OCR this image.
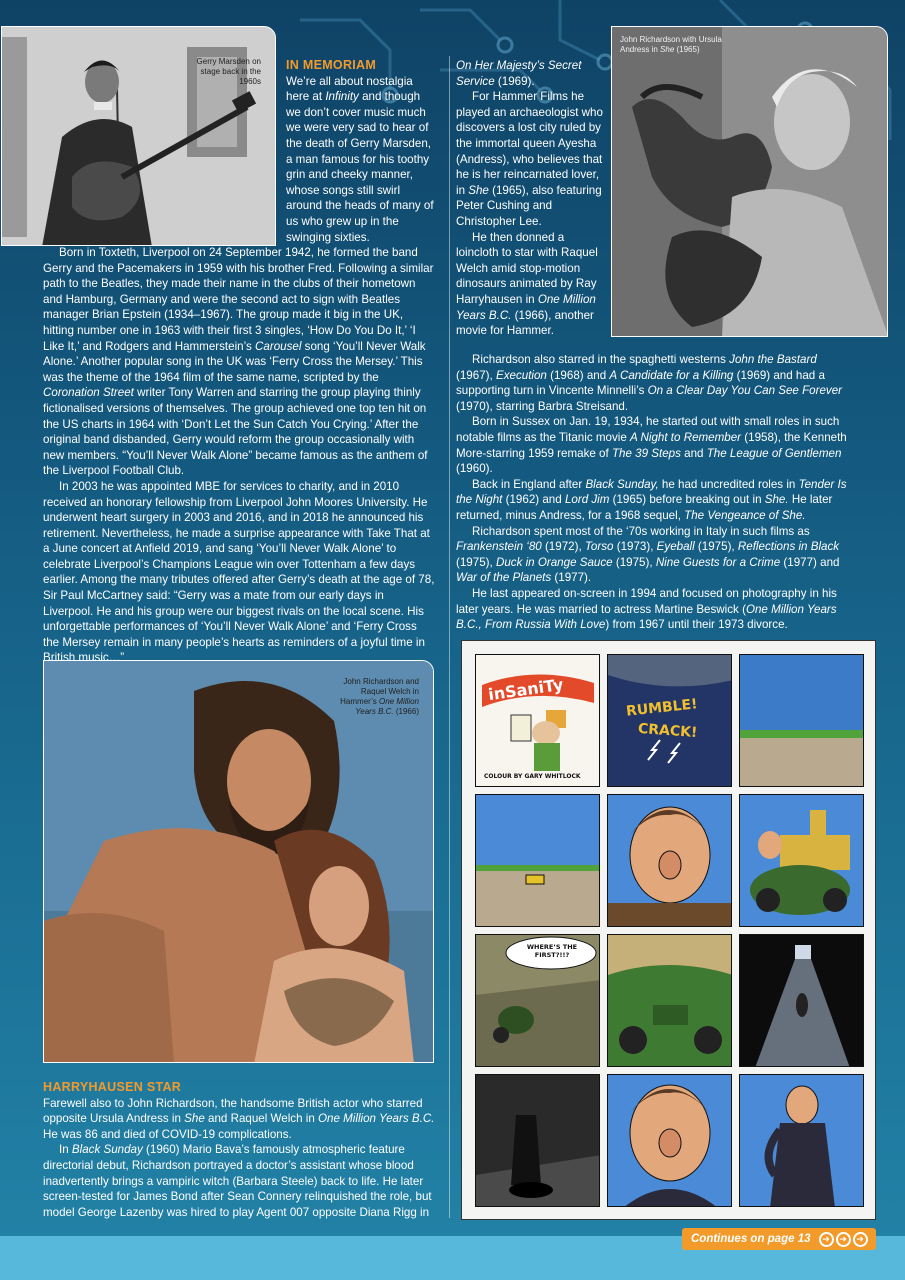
Gerry Marsden on stage back in the 1960s
John Richardson with Ursula Andress in She (1965)
John Richardson and Raquel Welch in Hammer’s One Million Years B.C. (1966)

IN MEMORIAM

We’re all about nostalgia here at Infinity and though we don’t cover music much we were very sad to hear of the death of Gerry Marsden, a man famous for his toothy grin and cheeky manner, whose songs still swirl around the heads of many of us who grew up in the swinging sixties.

Born in Toxteth, Liverpool on 24 September 1942, he formed the band Gerry and the Pacemakers in 1959 with his brother Fred. Following a similar path to the Beatles, they made their name in the clubs of their hometown and Hamburg, Germany and were the second act to sign with Beatles manager Brian Epstein (1934–1967). The group made it big in the UK, hitting number one in 1963 with their first 3 singles, ‘How Do You Do It,’ ‘I Like It,’ and Rodgers and Hammerstein’s Carousel song ‘You’ll Never Walk Alone.’ Another popular song in the UK was ‘Ferry Cross the Mersey.’ This was the theme of the 1964 film of the same name, scripted by the Coronation Street writer Tony Warren and starring the group playing thinly fictionalised versions of themselves. The group achieved one top ten hit on the US charts in 1964 with ‘Don’t Let the Sun Catch You Crying.’ After the original band disbanded, Gerry would reform the group occasionally with new members. “You’ll Never Walk Alone” became famous as the anthem of the Liverpool Football Club.

In 2003 he was appointed MBE for services to charity, and in 2010 received an honorary fellowship from Liverpool John Moores University. He underwent heart surgery in 2003 and 2016, and in 2018 he announced his retirement. Nevertheless, he made a surprise appearance with Take That at a June concert at Anfield 2019, and sang ‘You’ll Never Walk Alone’ to celebrate Liverpool’s Champions League win over Tottenham a few days earlier. Among the many tributes offered after Gerry’s death at the age of 78, Sir Paul McCartney said: “Gerry was a mate from our early days in Liverpool. He and his group were our biggest rivals on the local scene. His unforgettable performances of ‘You’ll Never Walk Alone’ and ‘Ferry Cross the Mersey remain in many people’s hearts as reminders of a joyful time in British music…”

HARRYHAUSEN STAR

Farewell also to John Richardson, the handsome British actor who starred opposite Ursula Andress in She and Raquel Welch in One Million Years B.C. He was 86 and died of COVID-19 complications.

In Black Sunday (1960) Mario Bava’s famously atmospheric feature directorial debut, Richardson portrayed a doctor’s assistant whose blood inadvertently brings a vampiric witch (Barbara Steele) back to life. He later screen-tested for James Bond after Sean Connery relinquished the role, but model George Lazenby was hired to play Agent 007 opposite Diana Rigg in

On Her Majesty’s Secret Service (1969).

For Hammer Films he played an archaeologist who discovers a lost city ruled by the immortal queen Ayesha (Andress), who believes that he is her reincarnated lover, in She (1965), also featuring Peter Cushing and Christopher Lee.

He then donned a loincloth to star with Raquel Welch amid stop-motion dinosaurs animated by Ray Harryhausen in One Million Years B.C. (1966), another movie for Hammer.

Richardson also starred in the spaghetti westerns John the Bastard (1967), Execution (1968) and A Candidate for a Killing (1969) and had a supporting turn in Vincente Minnelli’s On a Clear Day You Can See Forever (1970), starring Barbra Streisand.

Born in Sussex on Jan. 19, 1934, he started out with small roles in such notable films as the Titanic movie A Night to Remember (1958), the Kenneth More-starring 1959 remake of The 39 Steps and The League of Gentlemen (1960).

Back in England after Black Sunday, he had uncredited roles in Tender Is the Night (1962) and Lord Jim (1965) before breaking out in She. He later returned, minus Andress, for a 1968 sequel, The Vengeance of She.

Richardson spent most of the ‘70s working in Italy in such films as Frankenstein ‘80 (1972), Torso (1973), Eyeball (1975), Reflections in Black (1975), Duck in Orange Sauce (1975), Nine Guests for a Crime (1977) and War of the Planets (1977).

He last appeared on-screen in 1994 and focused on photography in his later years. He was married to actress Martine Beswick (One Million Years B.C., From Russia With Love) from 1967 until their 1973 divorce.

inSaniTy
COLOUR BY GARY WHITLOCK
RUMBLE!
CRACK!
WHERE’S THE FIRST?!!?
Continues on page 13	➜	➜	➜
